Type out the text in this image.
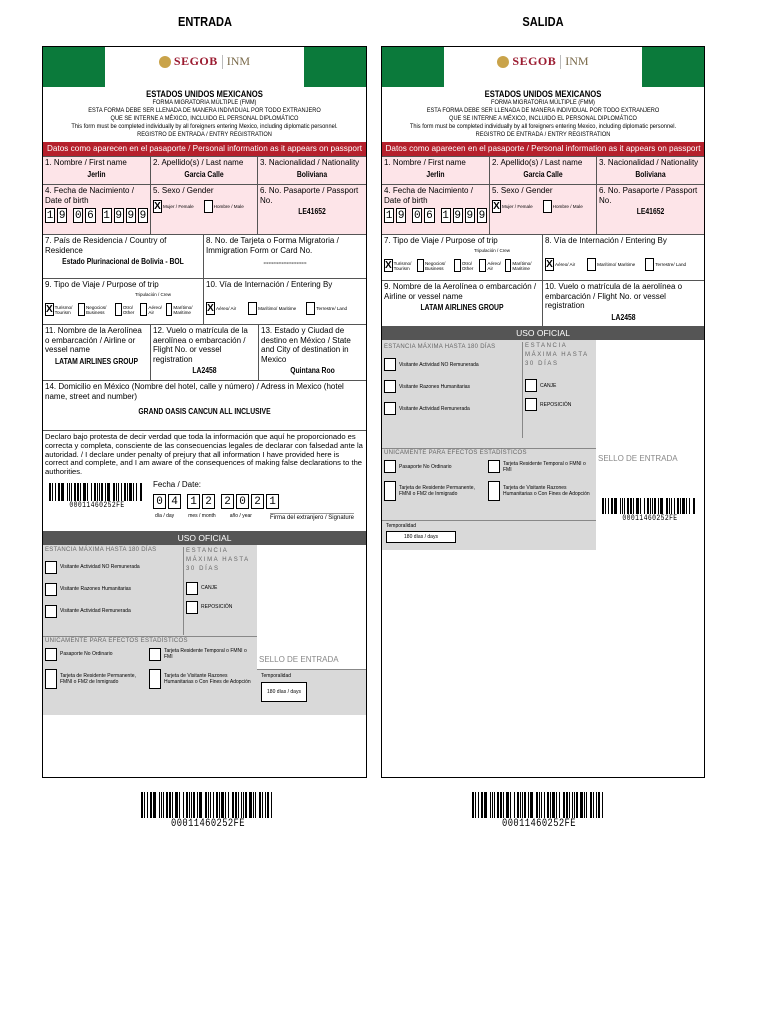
ENTRADA	SALIDA
SEGOB INM
ESTADOS UNIDOS MEXICANOS
FORMA MIGRATORIA MÚLTIPLE (FMM)
ESTA FORMA DEBE SER LLENADA DE MANERA INDIVIDUAL POR TODO EXTRANJERO
QUE SE INTERNE A MÉXICO, INCLUIDO EL PERSONAL DIPLOMÁTICO
This form must be completed individually by all foreigners entering Mexico, including diplomatic personnel.
REGISTRO DE ENTRADA / ENTRY REGISTRATION
Datos como aparecen en el pasaporte / Personal information as it appears on passport
1. Nombre / First name
Jerlin
2. Apellido(s) / Last name
Garcia Calle
3. Nacionalidad / Nationality
Boliviana
4. Fecha de Nacimiento / Date of birth
1 9 0 6 1 9 9 9
5. Sexo / Gender
X Mujer / Female	Hombre / Male
6. No. Pasaporte / Passport No.
LE41652
7. País de Residencia / Country of Residence
Estado Plurinacional de Bolivia - BOL
8. No. de Tarjeta o Forma Migratoria / Immigration Form or Card No.
**************************
9. Tipo de Viaje / Purpose of trip
Tripulación / Crew
X Turismo/ Tourism
Negocios/ Business
Otro/ Other
Aéreo/ Air
Marítimo/ Maritime
10. Vía de Internación / Entering By
X Aéreo/ Air	Marítimo/ Maritime	Terrestre/ Land
11. Nombre de la Aerolínea o embarcación / Airline or vessel name
LATAM AIRLINES GROUP
12. Vuelo o matrícula de la aerolínea o embarcación / Flight No. or vessel registration
LA2458
13. Estado y Ciudad de destino en México / State and City of destination in Mexico
Quintana Roo
14. Domicilio en México (Nombre del hotel, calle y número) / Adress in Mexico (hotel name, street and number)
GRAND OASIS CANCUN ALL INCLUSIVE
Declaro bajo protesta de decir verdad que toda la información que aquí he proporcionado es correcta y completa, consciente de las consecuencias legales de declarar con falsedad ante la autoridad. / I declare under penalty of prejury that all information I have provided here is correct and complete, and I am aware of the consequences of making false declarations to the authorities.
00011460252FE
Fecha / Date:
0 4 1 2 2 0 2 1
día / day	mes / month	año / year	Firma del extranjero / Signature
USO OFICIAL
ESTANCIA MÁXIMA HASTA 180 DÍAS
Visitante Actividad NO Remunerada
Visitante Razones Humanitarias
Visitante Actividad Remunerada
ESTANCIA MÁXIMA HASTA 30 DÍAS
CANJE
REPOSICIÓN
ÚNICAMENTE PARA EFECTOS ESTADÍSTICOS
Pasaporte No Ordinario	Tarjeta Residente Temporal o FMNI o FMI
Tarjeta de Residente Permanente, FMNI o FM2 de Inmigrado
Tarjeta de Visitante Razones Humanitarias o Con Fines de Adopción
SELLO DE ENTRADA
Temporalidad
180 días / days
SEGOB INM
ESTADOS UNIDOS MEXICANOS
FORMA MIGRATORIA MÚLTIPLE (FMM)
ESTA FORMA DEBE SER LLENADA DE MANERA INDIVIDUAL POR TODO EXTRANJERO
QUE SE INTERNE A MÉXICO, INCLUIDO EL PERSONAL DIPLOMÁTICO
This form must be completed individually by all foreigners entering Mexico, including diplomatic personnel.
REGISTRO DE ENTRADA / ENTRY REGISTRATION
Datos como aparecen en el pasaporte / Personal information as it appears on passport
1. Nombre / First name
Jerlin
2. Apellido(s) / Last name
Garcia Calle
3. Nacionalidad / Nationality
Boliviana
4. Fecha de Nacimiento / Date of birth
1 9 0 6 1 9 9 9
5. Sexo / Gender
X Mujer / Female	Hombre / Male
6. No. Pasaporte / Passport No.
LE41652
7. Tipo de Viaje / Purpose of trip
Tripulación / Crew
X Turismo/ Tourism
Negocios/ Business
Otro/ Other
Aéreo/ Air
Marítimo/ Maritime
8. Vía de Internación / Entering By
X Aéreo/ Air	Marítimo/ Maritime	Terrestre/ Land
9. Nombre de la Aerolínea o embarcación / Airline or vessel name
LATAM AIRLINES GROUP
10. Vuelo o matrícula de la aerolínea o embarcación / Flight No. or vessel registration
LA2458
USO OFICIAL
ESTANCIA MÁXIMA HASTA 180 DÍAS
Visitante Actividad NO Remunerada
Visitante Razones Humanitarias
Visitante Actividad Remunerada
ESTANCIA MÁXIMA HASTA 30 DÍAS
CANJE
REPOSICIÓN
ÚNICAMENTE PARA EFECTOS ESTADÍSTICOS
Pasaporte No Ordinario	Tarjeta Residente Temporal o FMNI o FMI
Tarjeta de Residente Permanente, FMNI o FM2 de Inmigrado
Tarjeta de Visitante Razones Humanitarias o Con Fines de Adopción
Temporalidad
180 días / days
SELLO DE ENTRADA
00011460252FE
00011460252FE	00011460252FE
